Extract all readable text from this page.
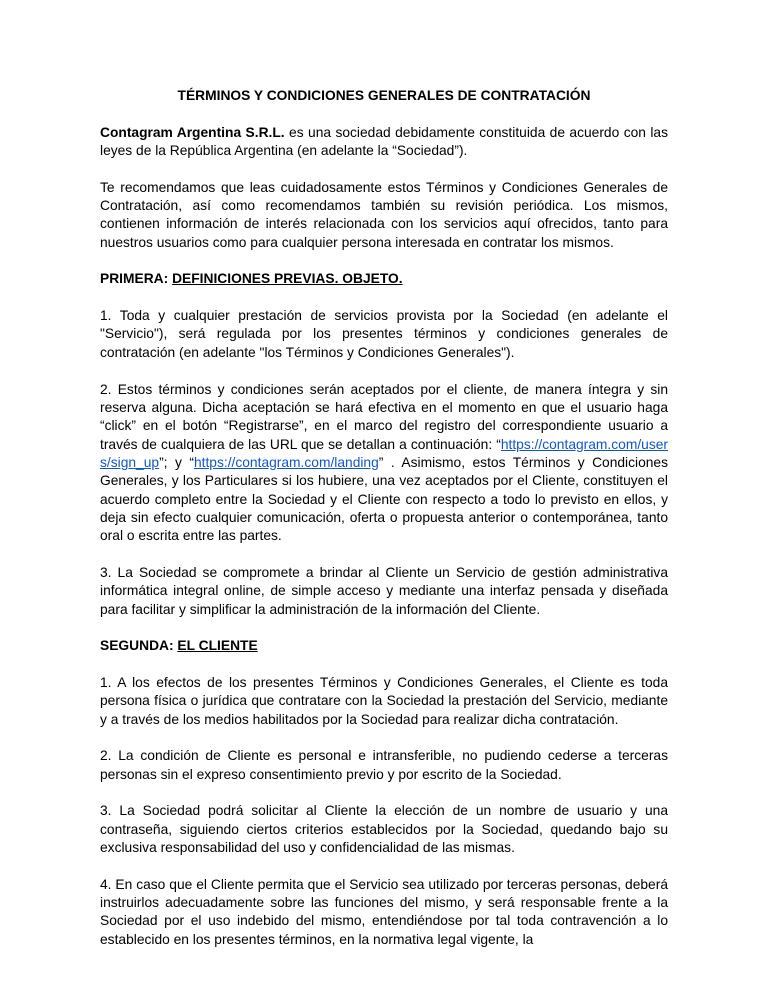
TÉRMINOS Y CONDICIONES GENERALES DE CONTRATACIÓN

Contagram Argentina S.R.L. es una sociedad debidamente constituida de acuerdo con las leyes de la República Argentina (en adelante la “Sociedad”).

Te recomendamos que leas cuidadosamente estos Términos y Condiciones Generales de Contratación, así como recomendamos también su revisión periódica. Los mismos, contienen información de interés relacionada con los servicios aquí ofrecidos, tanto para nuestros usuarios como para cualquier persona interesada en contratar los mismos.

PRIMERA: DEFINICIONES PREVIAS. OBJETO.

1. Toda y cualquier prestación de servicios provista por la Sociedad (en adelante el "Servicio"), será regulada por los presentes términos y condiciones generales de contratación (en adelante "los Términos y Condiciones Generales").

2. Estos términos y condiciones serán aceptados por el cliente, de manera íntegra y sin reserva alguna. Dicha aceptación se hará efectiva en el momento en que el usuario haga “click” en el botón “Registrarse”, en el marco del registro del correspondiente usuario a través de cualquiera de las URL que se detallan a continuación: “https://contagram.com/users/sign_up”; y “https://contagram.com/landing” . Asimismo, estos Términos y Condiciones Generales, y los Particulares si los hubiere, una vez aceptados por el Cliente, constituyen el acuerdo completo entre la Sociedad y el Cliente con respecto a todo lo previsto en ellos, y deja sin efecto cualquier comunicación, oferta o propuesta anterior o contemporánea, tanto oral o escrita entre las partes.

3. La Sociedad se compromete a brindar al Cliente un Servicio de gestión administrativa informática integral online, de simple acceso y mediante una interfaz pensada y diseñada para facilitar y simplificar la administración de la información del Cliente.

SEGUNDA: EL CLIENTE

1. A los efectos de los presentes Términos y Condiciones Generales, el Cliente es toda persona física o jurídica que contratare con la Sociedad la prestación del Servicio, mediante y a través de los medios habilitados por la Sociedad para realizar dicha contratación.

2. La condición de Cliente es personal e intransferible, no pudiendo cederse a terceras personas sin el expreso consentimiento previo y por escrito de la Sociedad.

3. La Sociedad podrá solicitar al Cliente la elección de un nombre de usuario y una contraseña, siguiendo ciertos criterios establecidos por la Sociedad, quedando bajo su exclusiva responsabilidad del uso y confidencialidad de las mismas.

4. En caso que el Cliente permita que el Servicio sea utilizado por terceras personas, deberá instruirlos adecuadamente sobre las funciones del mismo, y será responsable frente a la Sociedad por el uso indebido del mismo, entendiéndose por tal toda contravención a lo establecido en los presentes términos, en la normativa legal vigente, la
